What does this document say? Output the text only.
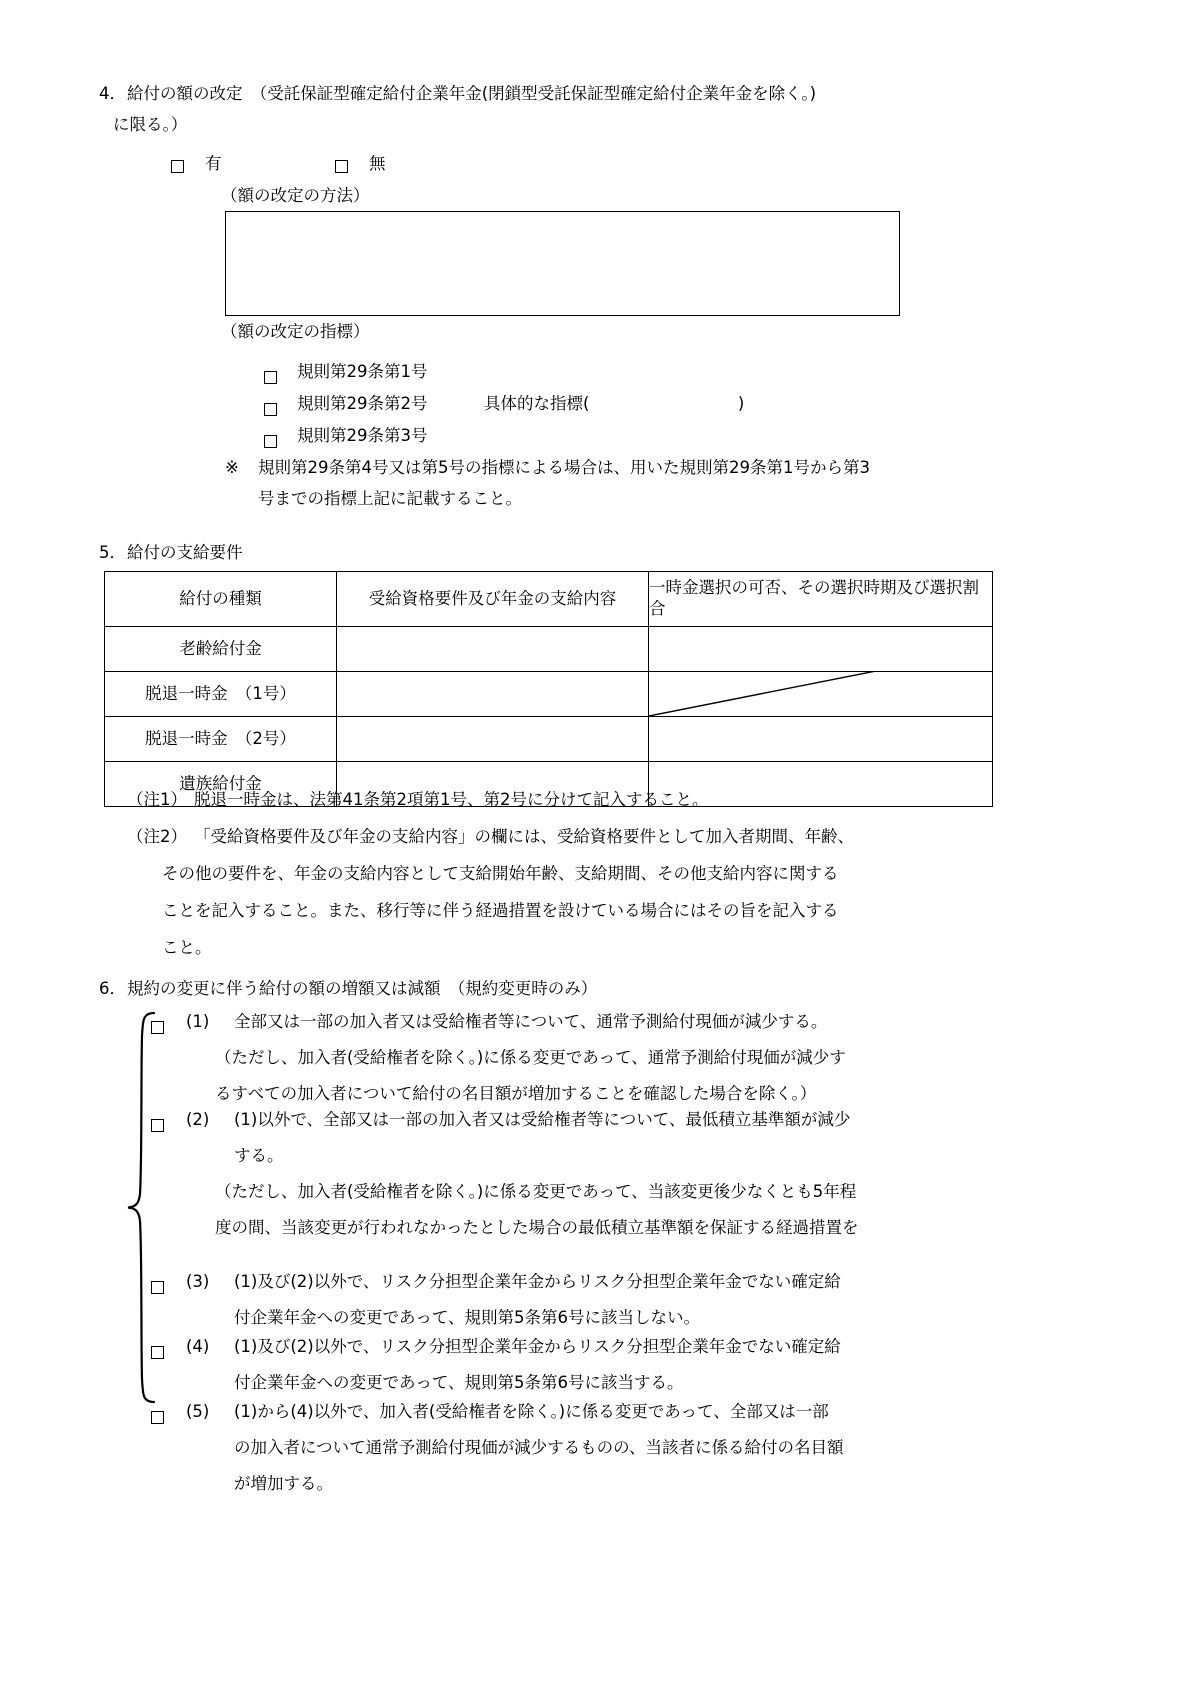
4． 給付の額の改定　（受託保証型確定給付企業年金(閉鎖型受託保証型確定給付企業年金を除く。)
に限る。）
有	無
（額の改定の方法）
（額の改定の指標）
規則第29条第1号
規則第29条第2号	具体的な指標(　　　　　　　　　)
規則第29条第3号
※ 規則第29条第4号又は第5号の指標による場合は、用いた規則第29条第1号から第3
号までの指標上記に記載すること。
5． 給付の支給要件
給付の種類	受給資格要件及び年金の支給内容	一時金選択の可否、その選択時期及び選択割合
老齢給付金		
脱退一時金　（1号）		

脱退一時金　（2号）		
遺族給付金		
（注1） 脱退一時金は、法第41条第2項第1号、第2号に分けて記入すること。
（注2） 「受給資格要件及び年金の支給内容」の欄には、受給資格要件として加入者期間、年齢、
その他の要件を、年金の支給内容として支給開始年齢、支給期間、その他支給内容に関する
ことを記入すること。また、移行等に伴う経過措置を設けている場合にはその旨を記入する
こと。
6． 規約の変更に伴う給付の額の増額又は減額　（規約変更時のみ）
(1) 全部又は一部の加入者又は受給権者等について、通常予測給付現価が減少する。
（ただし、加入者(受給権者を除く。)に係る変更であって、通常予測給付現価が減少す
るすべての加入者について給付の名目額が増加することを確認した場合を除く。）
(2) (1)以外で、全部又は一部の加入者又は受給権者等について、最低積立基準額が減少
する。
（ただし、加入者(受給権者を除く。)に係る変更であって、当該変更後少なくとも5年程
度の間、当該変更が行われなかったとした場合の最低積立基準額を保証する経過措置を
(3) (1)及び(2)以外で、リスク分担型企業年金からリスク分担型企業年金でない確定給
付企業年金への変更であって、規則第5条第6号に該当しない。
(4) (1)及び(2)以外で、リスク分担型企業年金からリスク分担型企業年金でない確定給
付企業年金への変更であって、規則第5条第6号に該当する。
(5) (1)から(4)以外で、加入者(受給権者を除く。)に係る変更であって、全部又は一部
の加入者について通常予測給付現価が減少するものの、当該者に係る給付の名目額
が増加する。
